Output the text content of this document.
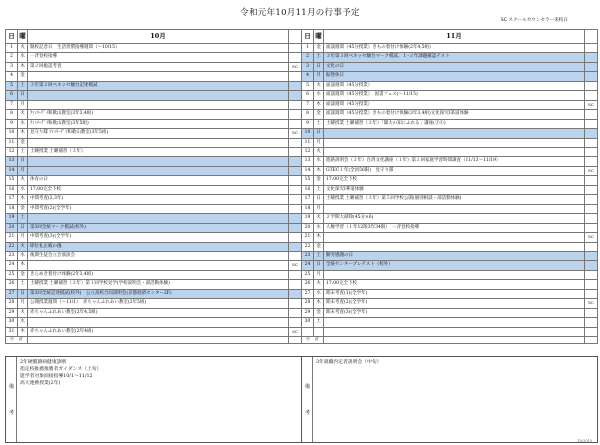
令和元年10月11月の行事予定
SC スクールカウンセラー来校日
日	曜	10月	
1	火	開校記念日　生活習慣指導週間（～10/15）	
2	水	一斉登校指導	
3	木	第２回総認考査	SC
4	金		
5	土	３年第２回ベネッセ駿台記述模試	
6	日		
7	月		
8	火	ﾌｧﾐﾘｰﾃﾞｲ和歌山教室(3年3,4組)	
9	水	ﾌｧﾐﾘｰﾃﾞｲ和歌山教室(3年5組)	
10	木	見守り隊 ﾌｧﾐﾘｰﾃﾞｲ和歌山教室(3年5組)	SC
11	金		
12	土	土曜授業 土曜補習（３年）	
13	日		
14	月		
15	火	体育の日	
16	水	17:00完全下校	
17	木	中間考査(2,3年)	
18	金	中間考査(2)(全学年)	
19	土		
20	日	第3回全統マーク模試(校外)	
21	月	中間考査(3)(全学年)	
22	火	即位礼正殿の儀	
23	水	後期生徒会立会演説会	
24	木		SC
25	金	きらめき着付け体験(2年3,4組)	
26	土	土曜授業 土曜補習（３年）第１回学校見学(学校説明会・部活動体験)	
27	日	第3回全統記述模試(校外)　公立高校合同説明会(京都経済センター2F)	
28	月	公開授業週間（～11/1）　赤ちゃんふれあい教室(2年5組)	
29	火	赤ちゃんふれあい教室(2年4,5組)	
30	水		
31	木	赤ちゃんふれあい教室(2年4組)	SC
小　計			
日	曜	11月	
1	金	面談週間（45分授業）きもの着付け体験(2年4,5組)	
2	土	３年第３回ベネッセ駿台マーク模試、１･２年課題確認テスト	
3	日	文化の日	
4	月	振替休日	
5	火	面談週間（45分授業）	
6	水	面談週間（45分授業）　図書フェス(～11/15)	
7	木	面談週間（45分授業）	SC
8	金	面談週間（45分授業）きもの着付け体験(3年3,4組)文化探究Ⅰ茶道体験	
9	土	土曜授業 土曜補習（３年）「聞大の知にふれる」講座(③④)	
10	日		
11	月		
12	火		
13	水	進路説明会（２年）台湾文化講座（１年）第２回家庭学習時間調査（11/13～11/19）	
14	木	GTEC１年(全員56限)　見守り隊	SC
15	金	17:00完全下校	
16	土	文化探究Ⅰ華道体験	
17	日	土曜授業 土曜補習（３年）第５回学校公開(個別相談・部活動体験)	
18	月		
19	火	２学期大掃除(45分×6)	
20	水	人権学習（１年12限3年34限）　一斉登校指導	
21	木		SC
22	金		
23	土	勤労感謝の日	
24	日	全統センタープレテスト（校外）	
25	月		
26	火	17:00完全下校	
27	水	期末考査(1)(全学年)	
28	木	期末考査(2)(全学年)	SC
29	金	期末考査(3)(全学年)	
30	土		

小　計			
備
考
2年硬膜鎮病健康診断
指定校推薦推薦者ガイダンス（上旬）
進学者対象面接指導10/1～11/12
高大連携授業(2年)
備
考
3年就職内定者説明会（中旬）
10/2019
